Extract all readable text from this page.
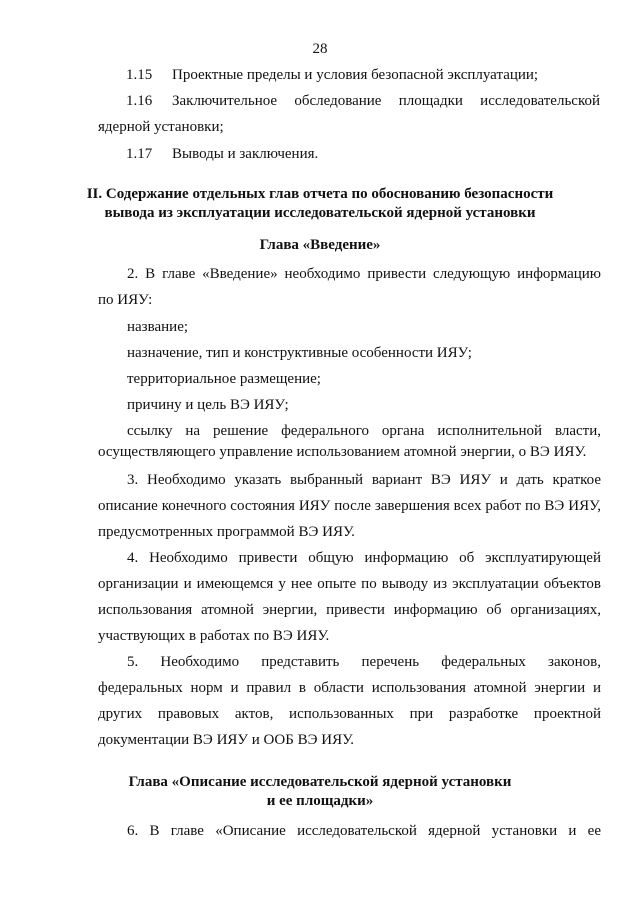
28
1.15 Проектные пределы и условия безопасной эксплуатации;
1.16 Заключительное обследование площадки исследовательской
ядерной установки;
1.17 Выводы и заключения.
II. Содержание отдельных глав отчета по обоснованию безопасности
вывода из эксплуатации исследовательской ядерной установки
Глава «Введение»
2. В главе «Введение» необходимо привести следующую информацию
по ИЯУ:
название;
назначение, тип и конструктивные особенности ИЯУ;
территориальное размещение;
причину и цель ВЭ ИЯУ;
ссылку на решение федерального органа исполнительной власти,
осуществляющего управление использованием атомной энергии, о ВЭ ИЯУ.
3. Необходимо указать выбранный вариант ВЭ ИЯУ и дать краткое
описание конечного состояния ИЯУ после завершения всех работ по ВЭ ИЯУ,
предусмотренных программой ВЭ ИЯУ.
4. Необходимо привести общую информацию об эксплуатирующей
организации и имеющемся у нее опыте по выводу из эксплуатации объектов
использования атомной энергии, привести информацию об организациях,
участвующих в работах по ВЭ ИЯУ.
5. Необходимо представить перечень федеральных законов,
федеральных норм и правил в области использования атомной энергии и
других правовых актов, использованных при разработке проектной
документации ВЭ ИЯУ и ООБ ВЭ ИЯУ.
Глава «Описание исследовательской ядерной установки
и ее площадки»
6. В главе «Описание исследовательской ядерной установки и ее
